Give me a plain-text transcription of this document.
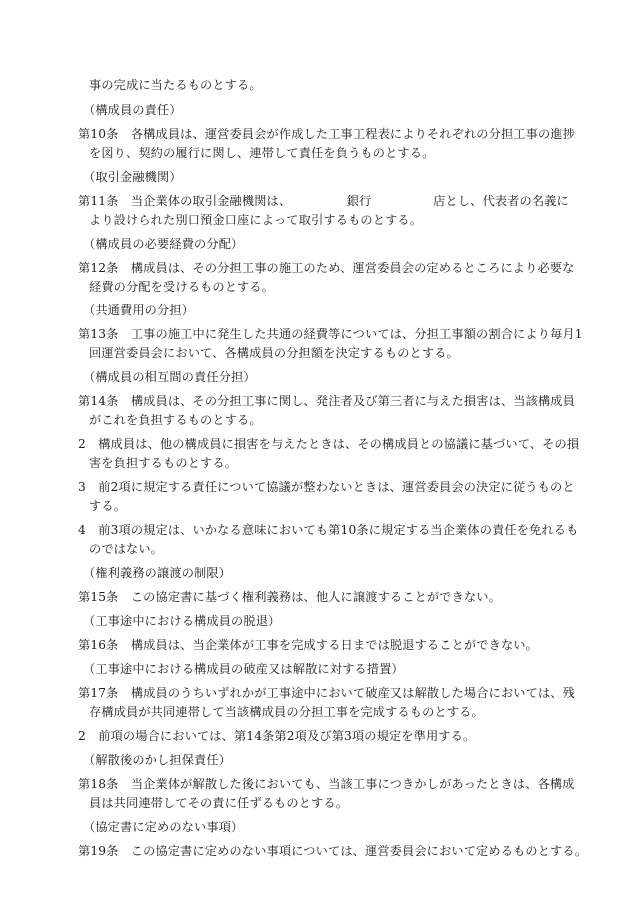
事の完成に当たるものとする。
（構成員の責任）
第10条　各構成員は、運営委員会が作成した工事工程表によりそれぞれの分担工事の進捗
を図り、契約の履行に関し、連帯して責任を負うものとする。
（取引金融機関）
第11条　当企業体の取引金融機関は、　　　　　銀行　　　　　店とし、代表者の名義に
より設けられた別口預金口座によって取引するものとする。
（構成員の必要経費の分配）
第12条　構成員は、その分担工事の施工のため、運営委員会の定めるところにより必要な
経費の分配を受けるものとする。
（共通費用の分担）
第13条　工事の施工中に発生した共通の経費等については、分担工事額の割合により毎月1
回運営委員会において、各構成員の分担額を決定するものとする。
（構成員の相互間の責任分担）
第14条　構成員は、その分担工事に関し、発注者及び第三者に与えた損害は、当該構成員
がこれを負担するものとする。
2　構成員は、他の構成員に損害を与えたときは、その構成員との協議に基づいて、その損
害を負担するものとする。
3　前2項に規定する責任について協議が整わないときは、運営委員会の決定に従うものと
する。
4　前3項の規定は、いかなる意味においても第10条に規定する当企業体の責任を免れるも
のではない。
（権利義務の譲渡の制限）
第15条　この協定書に基づく権利義務は、他人に譲渡することができない。
（工事途中における構成員の脱退）
第16条　構成員は、当企業体が工事を完成する日までは脱退することができない。
（工事途中における構成員の破産又は解散に対する措置）
第17条　構成員のうちいずれかが工事途中において破産又は解散した場合においては、残
存構成員が共同連帯して当該構成員の分担工事を完成するものとする。
2　前項の場合においては、第14条第2項及び第3項の規定を準用する。
（解散後のかし担保責任）
第18条　当企業体が解散した後においても、当該工事につきかしがあったときは、各構成
員は共同連帯してその責に任ずるものとする。
（協定書に定めのない事項）
第19条　この協定書に定めのない事項については、運営委員会において定めるものとする。
